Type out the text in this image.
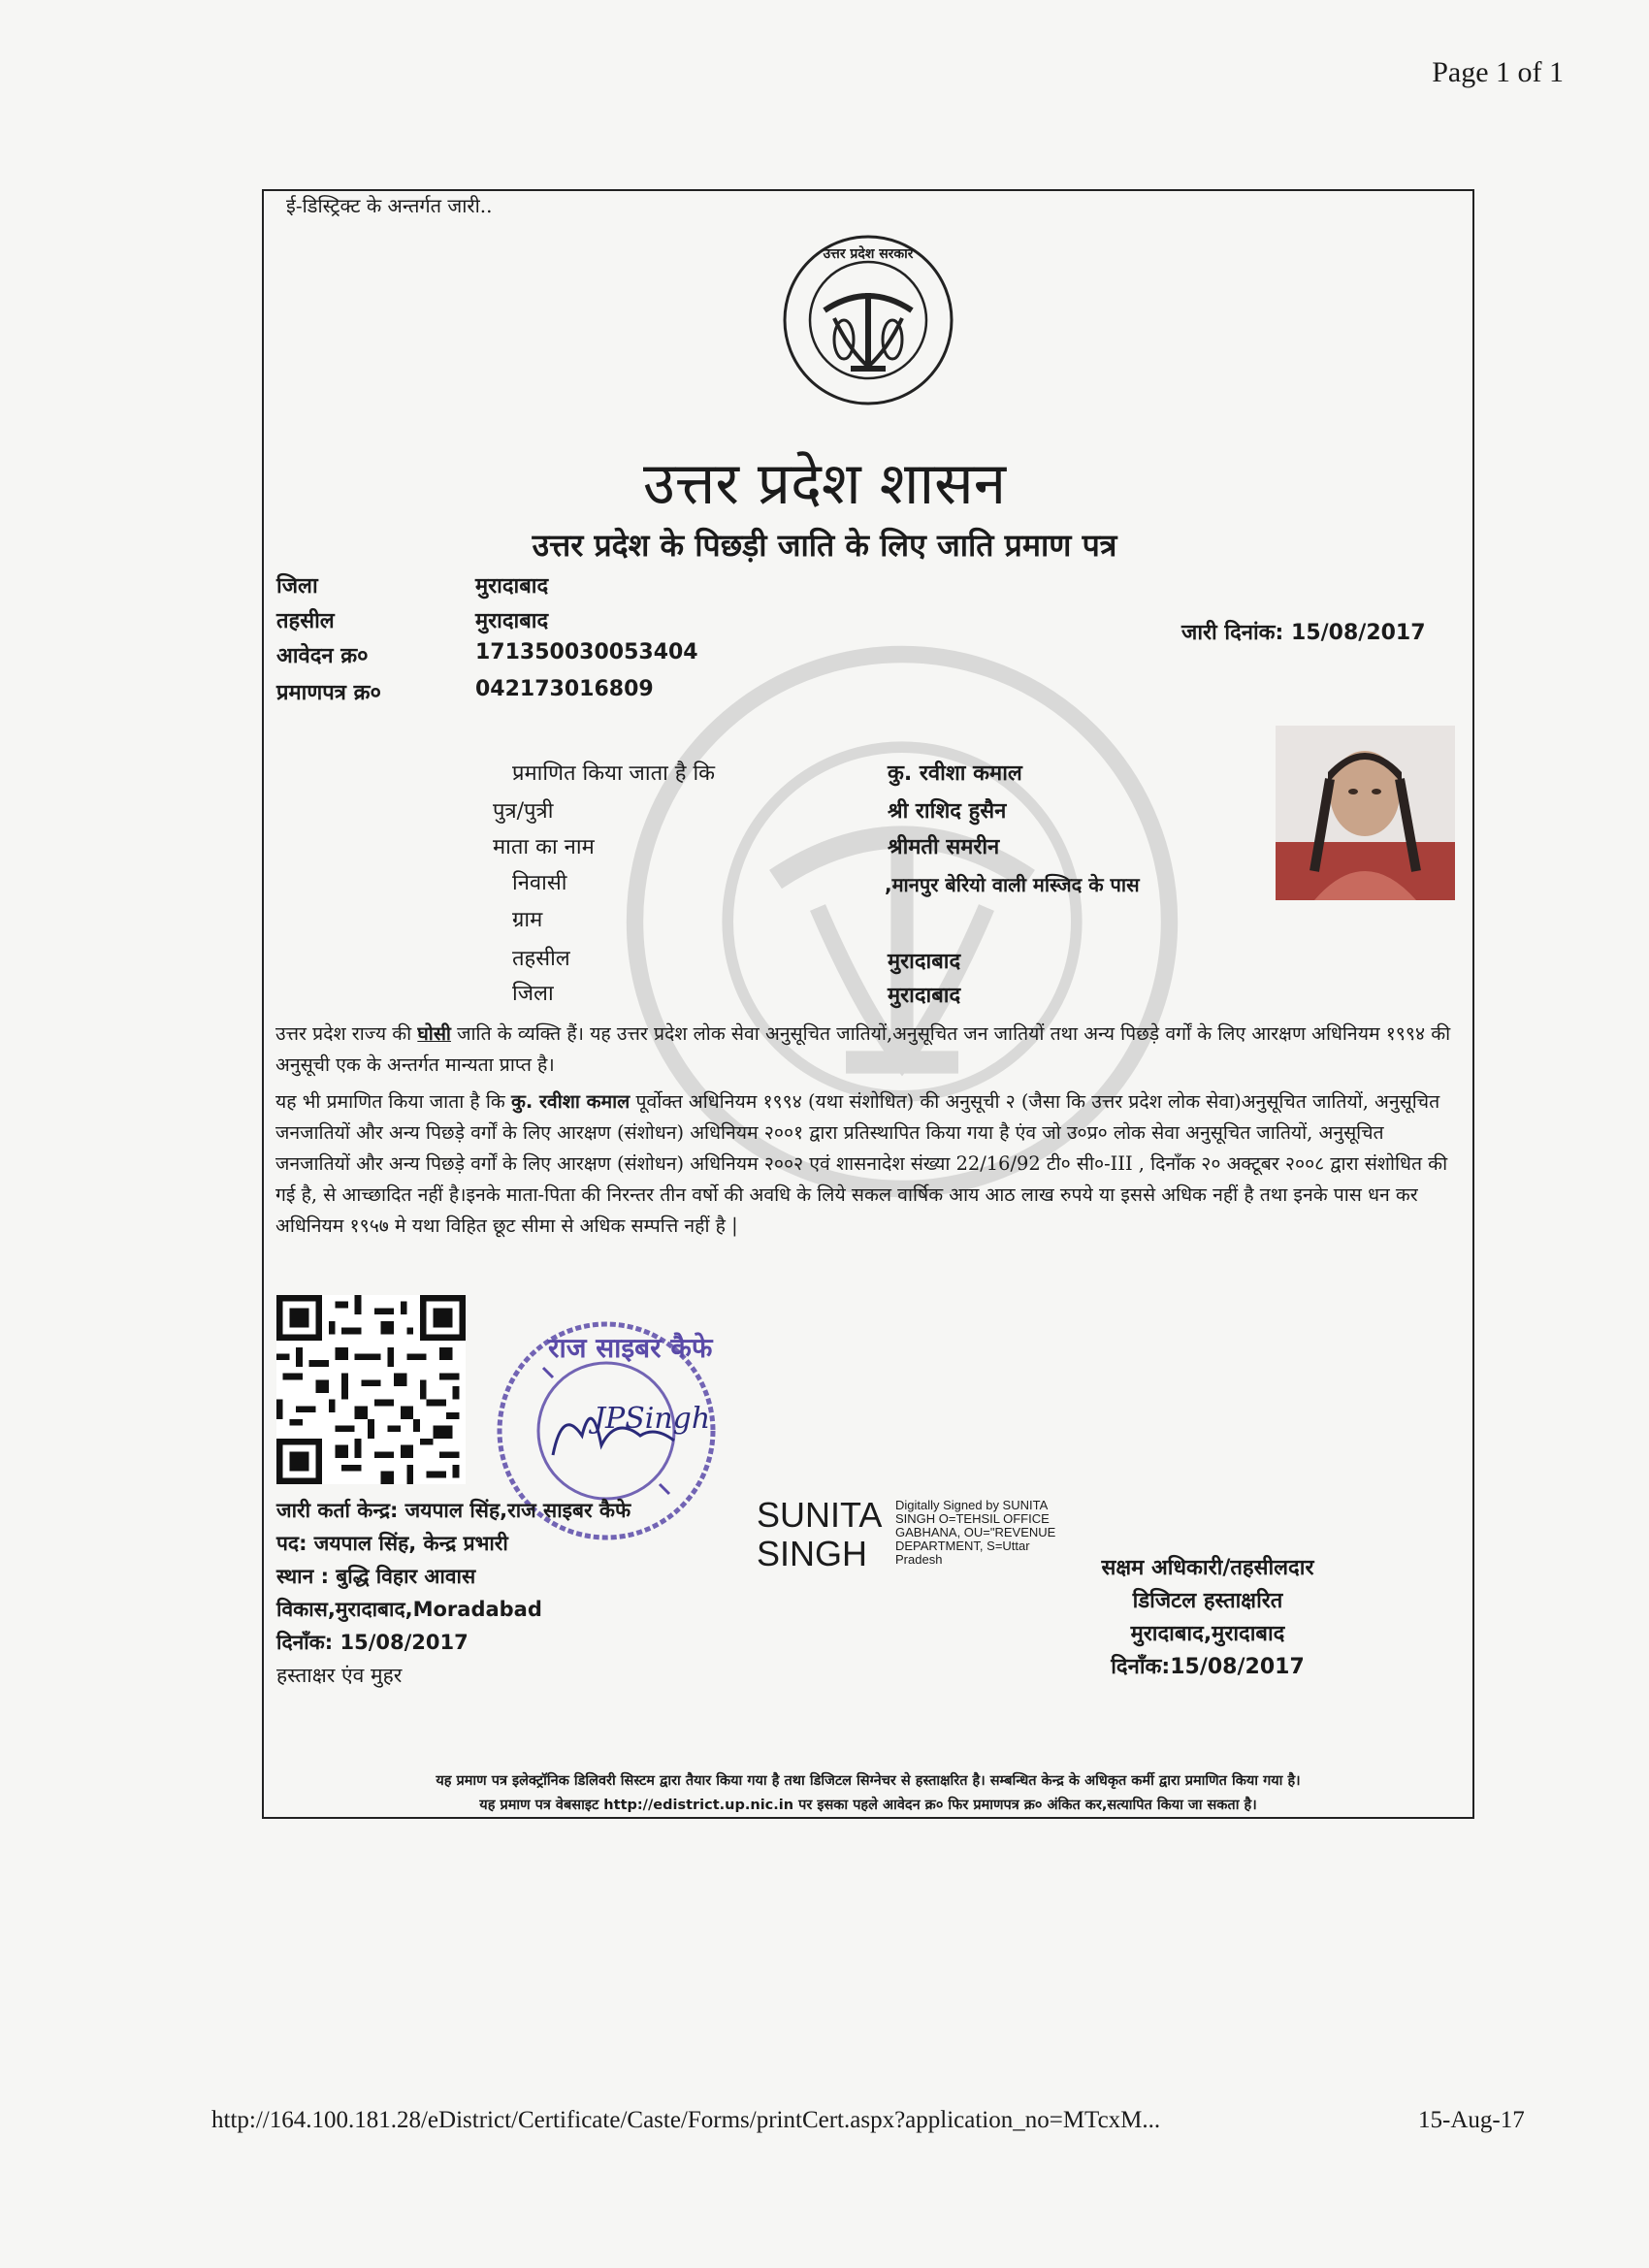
Page 1 of 1
ई-डिस्ट्रिक्ट के अन्तर्गत जारी..
उत्तर प्रदेश सरकार
उत्तर प्रदेश शासन
उत्तर प्रदेश के पिछड़ी जाति के लिए जाति प्रमाण पत्र
जिला	मुरादाबाद
तहसील	मुरादाबाद
आवेदन क्र०	171350030053404
प्रमाणपत्र क्र०	042173016809
जारी दिनांक: 15/08/2017
प्रमाणित किया जाता है कि	कु. रवीशा कमाल
पुत्र/पुत्री	श्री राशिद हुसैन
माता का नाम	श्रीमती समरीन
निवासी	,मानपुर बेरियो वाली मस्जिद के पास
ग्राम
तहसील	मुरादाबाद
जिला	मुरादाबाद
उत्तर प्रदेश राज्य की घोसी जाति के व्यक्ति हैं। यह उत्तर प्रदेश लोक सेवा अनुसूचित जातियों,अनुसूचित जन जातियों तथा अन्य पिछड़े वर्गों के लिए आरक्षण अधिनियम १९९४ की अनुसूची एक के अन्तर्गत मान्यता प्राप्त है।
यह भी प्रमाणित किया जाता है कि कु. रवीशा कमाल पूर्वोक्त अधिनियम १९९४ (यथा संशोधित) की अनुसूची २ (जैसा कि उत्तर प्रदेश लोक सेवा)अनुसूचित जातियों, अनुसूचित जनजातियों और अन्य पिछड़े वर्गों के लिए आरक्षण (संशोधन) अधिनियम २००१ द्वारा प्रतिस्थापित किया गया है एंव जो उ०प्र० लोक सेवा अनुसूचित जातियों, अनुसूचित जनजातियों और अन्य पिछड़े वर्गों के लिए आरक्षण (संशोधन) अधिनियम २००२ एवं शासनादेश संख्या 22/16/92 टी० सी०-III , दिनाँक २० अक्टूबर २००८ द्वारा संशोधित की गई है, से आच्छादित नहीं है।इनके माता-पिता की निरन्तर तीन वर्षो की अवधि के लिये सकल वार्षिक आय आठ लाख रुपये या इससे अधिक नहीं है तथा इनके पास धन कर अधिनियम १९५७ मे यथा विहित छूट सीमा से अधिक सम्पत्ति नहीं है |
राज साइबर कैफे
JPSingh
जारी कर्ता केन्द्र: जयपाल सिंह,राज साइबर कैफे
पद: जयपाल सिंह, केन्द्र प्रभारी
स्थान : बुद्धि विहार आवास
विकास,मुरादाबाद,Moradabad
दिनाँक: 15/08/2017
हस्ताक्षर एंव मुहर
SUNITA
SINGH
Digitally Signed by SUNITA SINGH O=TEHSIL OFFICE GABHANA, OU="REVENUE DEPARTMENT, S=Uttar Pradesh	सक्षम अधिकारी/तहसीलदार
डिजिटल हस्ताक्षरित
मुरादाबाद,मुरादाबाद
दिनाँक:15/08/2017
यह प्रमाण पत्र इलेक्ट्रॉनिक डिलिवरी सिस्टम द्वारा तैयार किया गया है तथा डिजिटल सिग्नेचर से हस्ताक्षरित है। सम्बन्धित केन्द्र के अधिकृत कर्मी द्वारा प्रमाणित किया गया है।
यह प्रमाण पत्र वेबसाइट http://edistrict.up.nic.in पर इसका पहले आवेदन क्र० फिर प्रमाणपत्र क्र० अंकित कर,सत्यापित किया जा सकता है।
http://164.100.181.28/eDistrict/Certificate/Caste/Forms/printCert.aspx?application_no=MTcxM...	15-Aug-17
